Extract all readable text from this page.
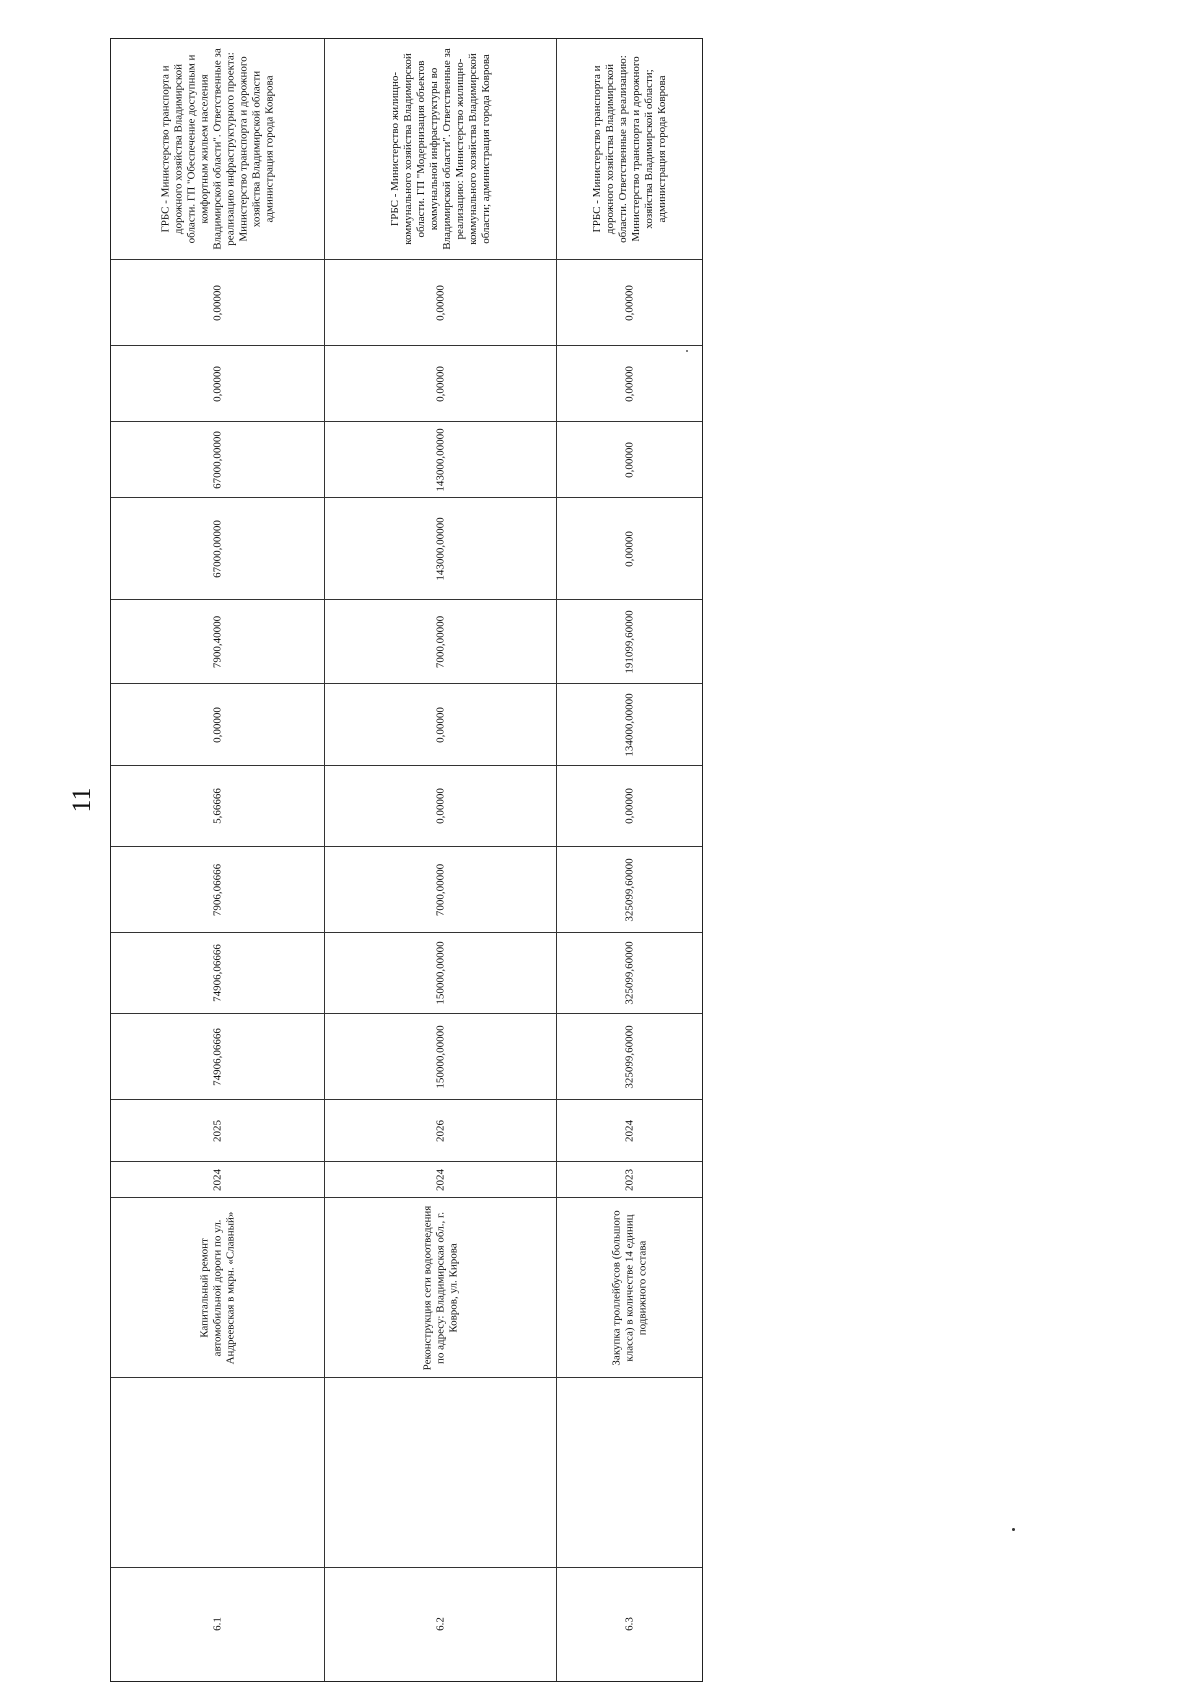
11
ГРБС - Министерство транспорта и дорожного хозяйства Владимирской области. ГП "Обеспечение доступным и комфортным жильем населения Владимирской области". Ответственные за реализацию инфраструктурного проекта: Министерство транспорта и дорожного хозяйства Владимирской области администрация города Коврова
0,00000
0,00000
67000,00000
67000,00000
7900,40000
0,00000
5,66666
7906,06666
74906,06666
74906,06666
2025
2024
Капитальный ремонт автомобильной дороги по ул. Андреевская в мкрн. «Славный»
6.1
ГРБС - Министерство жилищно-коммунального хозяйства Владимирской области. ГП "Модернизация объектов коммунальной инфраструктуры во Владимирской области". Ответственные за реализацию: Министерство жилищно-коммунального хозяйства Владимирской области; администрация города Коврова
0,00000
0,00000
143000,00000
143000,00000
7000,00000
0,00000
0,00000
7000,00000
150000,00000
150000,00000
2026
2024
Реконструкция сети водоотведения по адресу: Владимирская обл., г. Ковров, ул. Кирова
6.2
ГРБС - Министерство транспорта и дорожного хозяйства Владимирской области. Ответственные за реализацию: Министерство транспорта и дорожного хозяйства Владимирской области; администрация города Коврова
0,00000
0,00000
0,00000
0,00000
191099,60000
134000,00000
0,00000
325099,60000
325099,60000
325099,60000
2024
2023
Закупка троллейбусов (большого класса) в количестве 14 единиц подвижного состава
6.3
